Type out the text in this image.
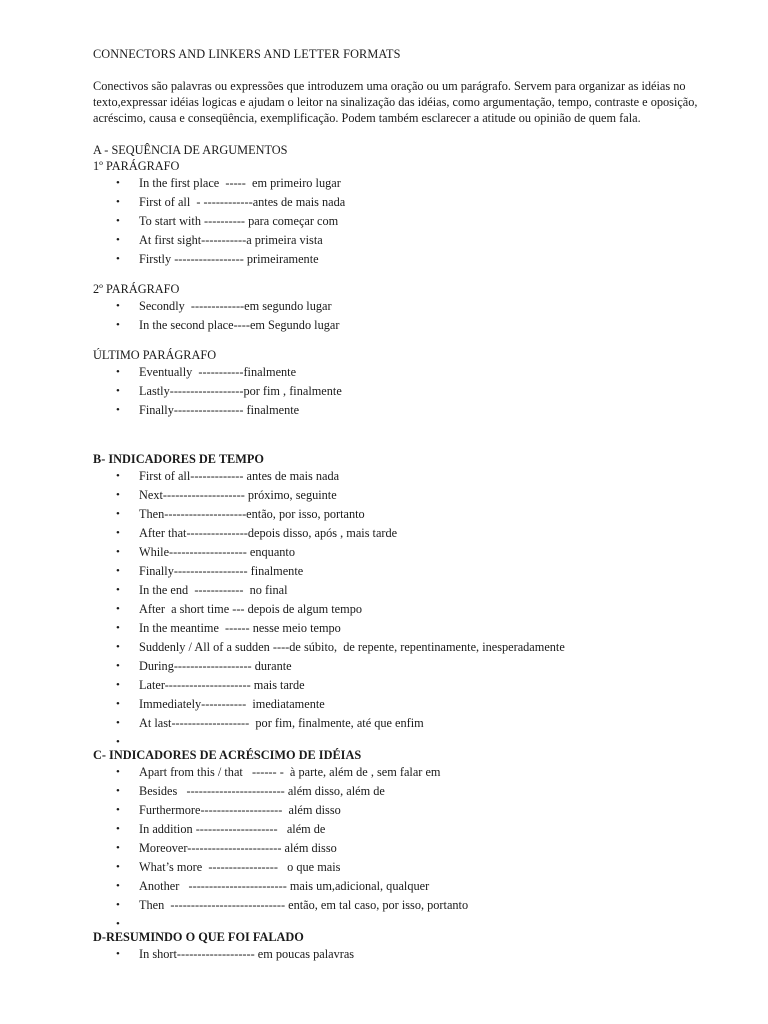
CONNECTORS AND LINKERS AND LETTER FORMATS

Conectivos são palavras ou expressões que introduzem uma oração ou um parágrafo. Servem para organizar as idéias no texto,expressar idéias logicas e ajudam o leitor na sinalização das idéias, como argumentação, tempo, contraste e oposição, acréscimo, causa e conseqüência, exemplificação. Podem também esclarecer a atitude ou opinião de quem fala.

A - SEQUÊNCIA DE ARGUMENTOS

1º PARÁGRAFO

• In the first place  -----  em primeiro lugar
• First of all  - ------------antes de mais nada
• To start with ---------- para começar com
• At first sight-----------a primeira vista
• Firstly ----------------- primeiramente

2º PARÁGRAFO

• Secondly  -------------em segundo lugar
• In the second place----em Segundo lugar

ÚLTIMO PARÁGRAFO

• Eventually  -----------finalmente
• Lastly------------------por fim , finalmente
• Finally----------------- finalmente

B- INDICADORES DE TEMPO

• First of all------------- antes de mais nada
• Next-------------------- próximo, seguinte
• Then--------------------então, por isso, portanto
• After that---------------depois disso, após , mais tarde
• While------------------- enquanto
• Finally------------------ finalmente
• In the end  ------------  no final
• After  a short time --- depois de algum tempo
• In the meantime  ------ nesse meio tempo
• Suddenly / All of a sudden ----de súbito,  de repente, repentinamente, inesperadamente
• During------------------- durante
• Later--------------------- mais tarde
• Immediately-----------  imediatamente
• At last-------------------  por fim, finalmente, até que enfim
•

C- INDICADORES DE ACRÉSCIMO DE IDÉIAS

• Apart from this / that   ------ -  à parte, além de , sem falar em
• Besides   ------------------------ além disso, além de
• Furthermore--------------------  além disso
• In addition --------------------   além de
• Moreover----------------------- além disso
• What’s more  -----------------   o que mais
• Another   ------------------------ mais um,adicional, qualquer
• Then  ---------------------------- então, em tal caso, por isso, portanto
•

D-RESUMINDO O QUE FOI FALADO

• In short------------------- em poucas palavras
